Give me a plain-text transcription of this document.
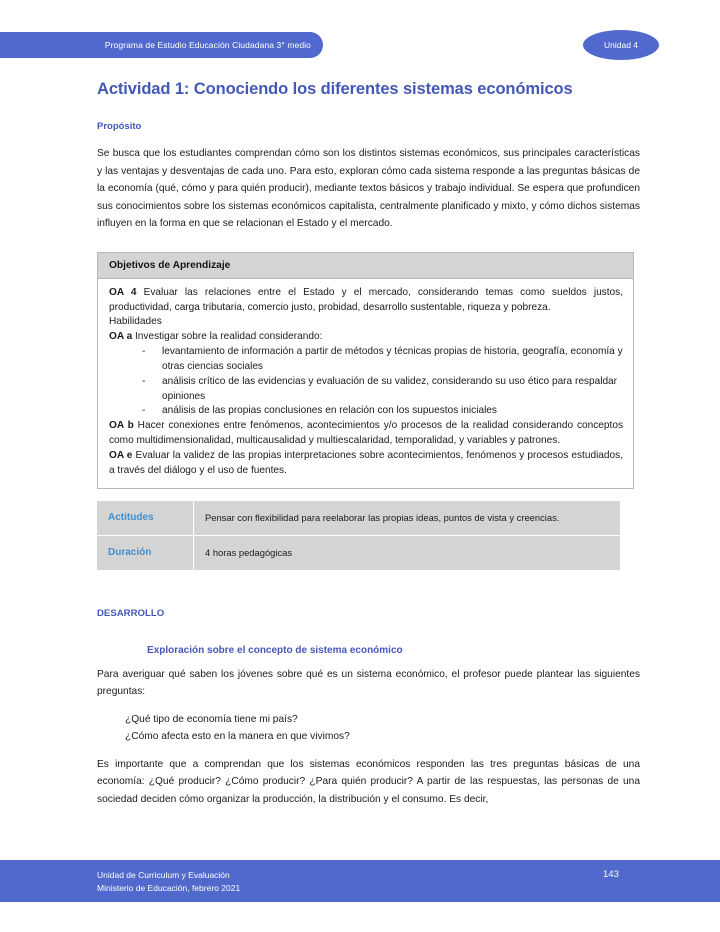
Programa de Estudio Educación Ciudadana 3° medio	Unidad 4
Actividad 1: Conociendo los diferentes sistemas económicos
Propósito

Se busca que los estudiantes comprendan cómo son los distintos sistemas económicos, sus principales características y las ventajas y desventajas de cada uno. Para esto, exploran cómo cada sistema responde a las preguntas básicas de la economía (qué, cómo y para quién producir), mediante textos básicos y trabajo individual. Se espera que profundicen sus conocimientos sobre los sistemas económicos capitalista, centralmente planificado y mixto, y cómo dichos sistemas influyen en la forma en que se relacionan el Estado y el mercado.

Objetivos de Aprendizaje

OA 4 Evaluar las relaciones entre el Estado y el mercado, considerando temas como sueldos justos, productividad, carga tributaria, comercio justo, probidad, desarrollo sustentable, riqueza y pobreza.

Habilidades

OA a Investigar sobre la realidad considerando:

- levantamiento de información a partir de métodos y técnicas propias de historia, geografía, economía y otras ciencias sociales
- análisis crítico de las evidencias y evaluación de su validez, considerando su uso ético para respaldar opiniones
- análisis de las propias conclusiones en relación con los supuestos iniciales

OA b Hacer conexiones entre fenómenos, acontecimientos y/o procesos de la realidad considerando conceptos como multidimensionalidad, multicausalidad y multiescalaridad, temporalidad, y variables y patrones.

OA e Evaluar la validez de las propias interpretaciones sobre acontecimientos, fenómenos y procesos estudiados, a través del diálogo y el uso de fuentes.

Actitudes	Pensar con flexibilidad para reelaborar las propias ideas, puntos de vista y creencias.
Duración	4 horas pedagógicas
DESARROLLO
Exploración sobre el concepto de sistema económico

Para averiguar qué saben los jóvenes sobre qué es un sistema económico, el profesor puede plantear las siguientes preguntas:

¿Qué tipo de economía tiene mi país?
¿Cómo afecta esto en la manera en que vivimos?

Es importante que a comprendan que los sistemas económicos responden las tres preguntas básicas de una economía: ¿Qué producir? ¿Cómo producir? ¿Para quién producir? A partir de las respuestas, las personas de una sociedad deciden cómo organizar la producción, la distribución y el consumo. Es decir,

Unidad de Curriculum y Evaluación
Ministerio de Educación, febrero 2021
143
